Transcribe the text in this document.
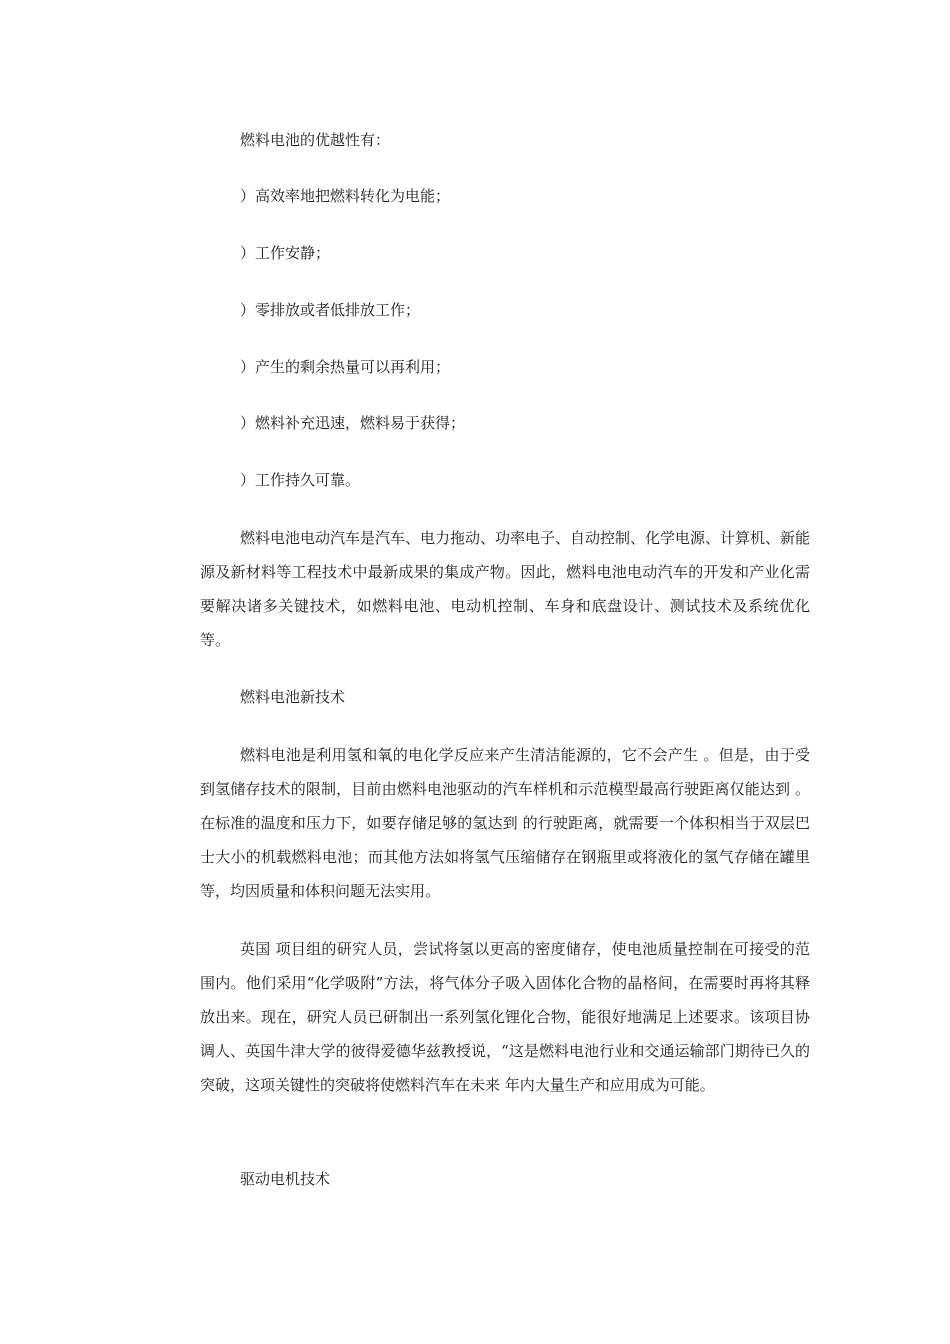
燃料电池的优越性有：
）高效率地把燃料转化为电能；
）工作安静；
）零排放或者低排放工作；
）产生的剩余热量可以再利用；
）燃料补充迅速，燃料易于获得；
）工作持久可靠。
燃料电池电动汽车是汽车、电力拖动、功率电子、自动控制、化学电源、计算机、新能源及新材料等工程技术中最新成果的集成产物。因此，燃料电池电动汽车的开发和产业化需要解决诸多关键技术，如燃料电池、电动机控制、车身和底盘设计、测试技术及系统优化等。
燃料电池新技术
燃料电池是利用氢和氧的电化学反应来产生清洁能源的，它不会产生 。但是，由于受到氢储存技术的限制，目前由燃料电池驱动的汽车样机和示范模型最高行驶距离仅能达到 。在标准的温度和压力下，如要存储足够的氢达到 的行驶距离，就需要一个体积相当于双层巴士大小的机载燃料电池；而其他方法如将氢气压缩储存在钢瓶里或将液化的氢气存储在罐里等，均因质量和体积问题无法实用。
英国 项目组的研究人员，尝试将氢以更高的密度储存，使电池质量控制在可接受的范围内。他们采用“化学吸附”方法，将气体分子吸入固体化合物的晶格间，在需要时再将其释放出来。现在，研究人员已研制出一系列氢化锂化合物，能很好地满足上述要求。该项目协调人、英国牛津大学的彼得爱德华兹教授说，“这是燃料电池行业和交通运输部门期待已久的突破，这项关键性的突破将使燃料汽车在未来 年内大量生产和应用成为可能。
驱动电机技术
